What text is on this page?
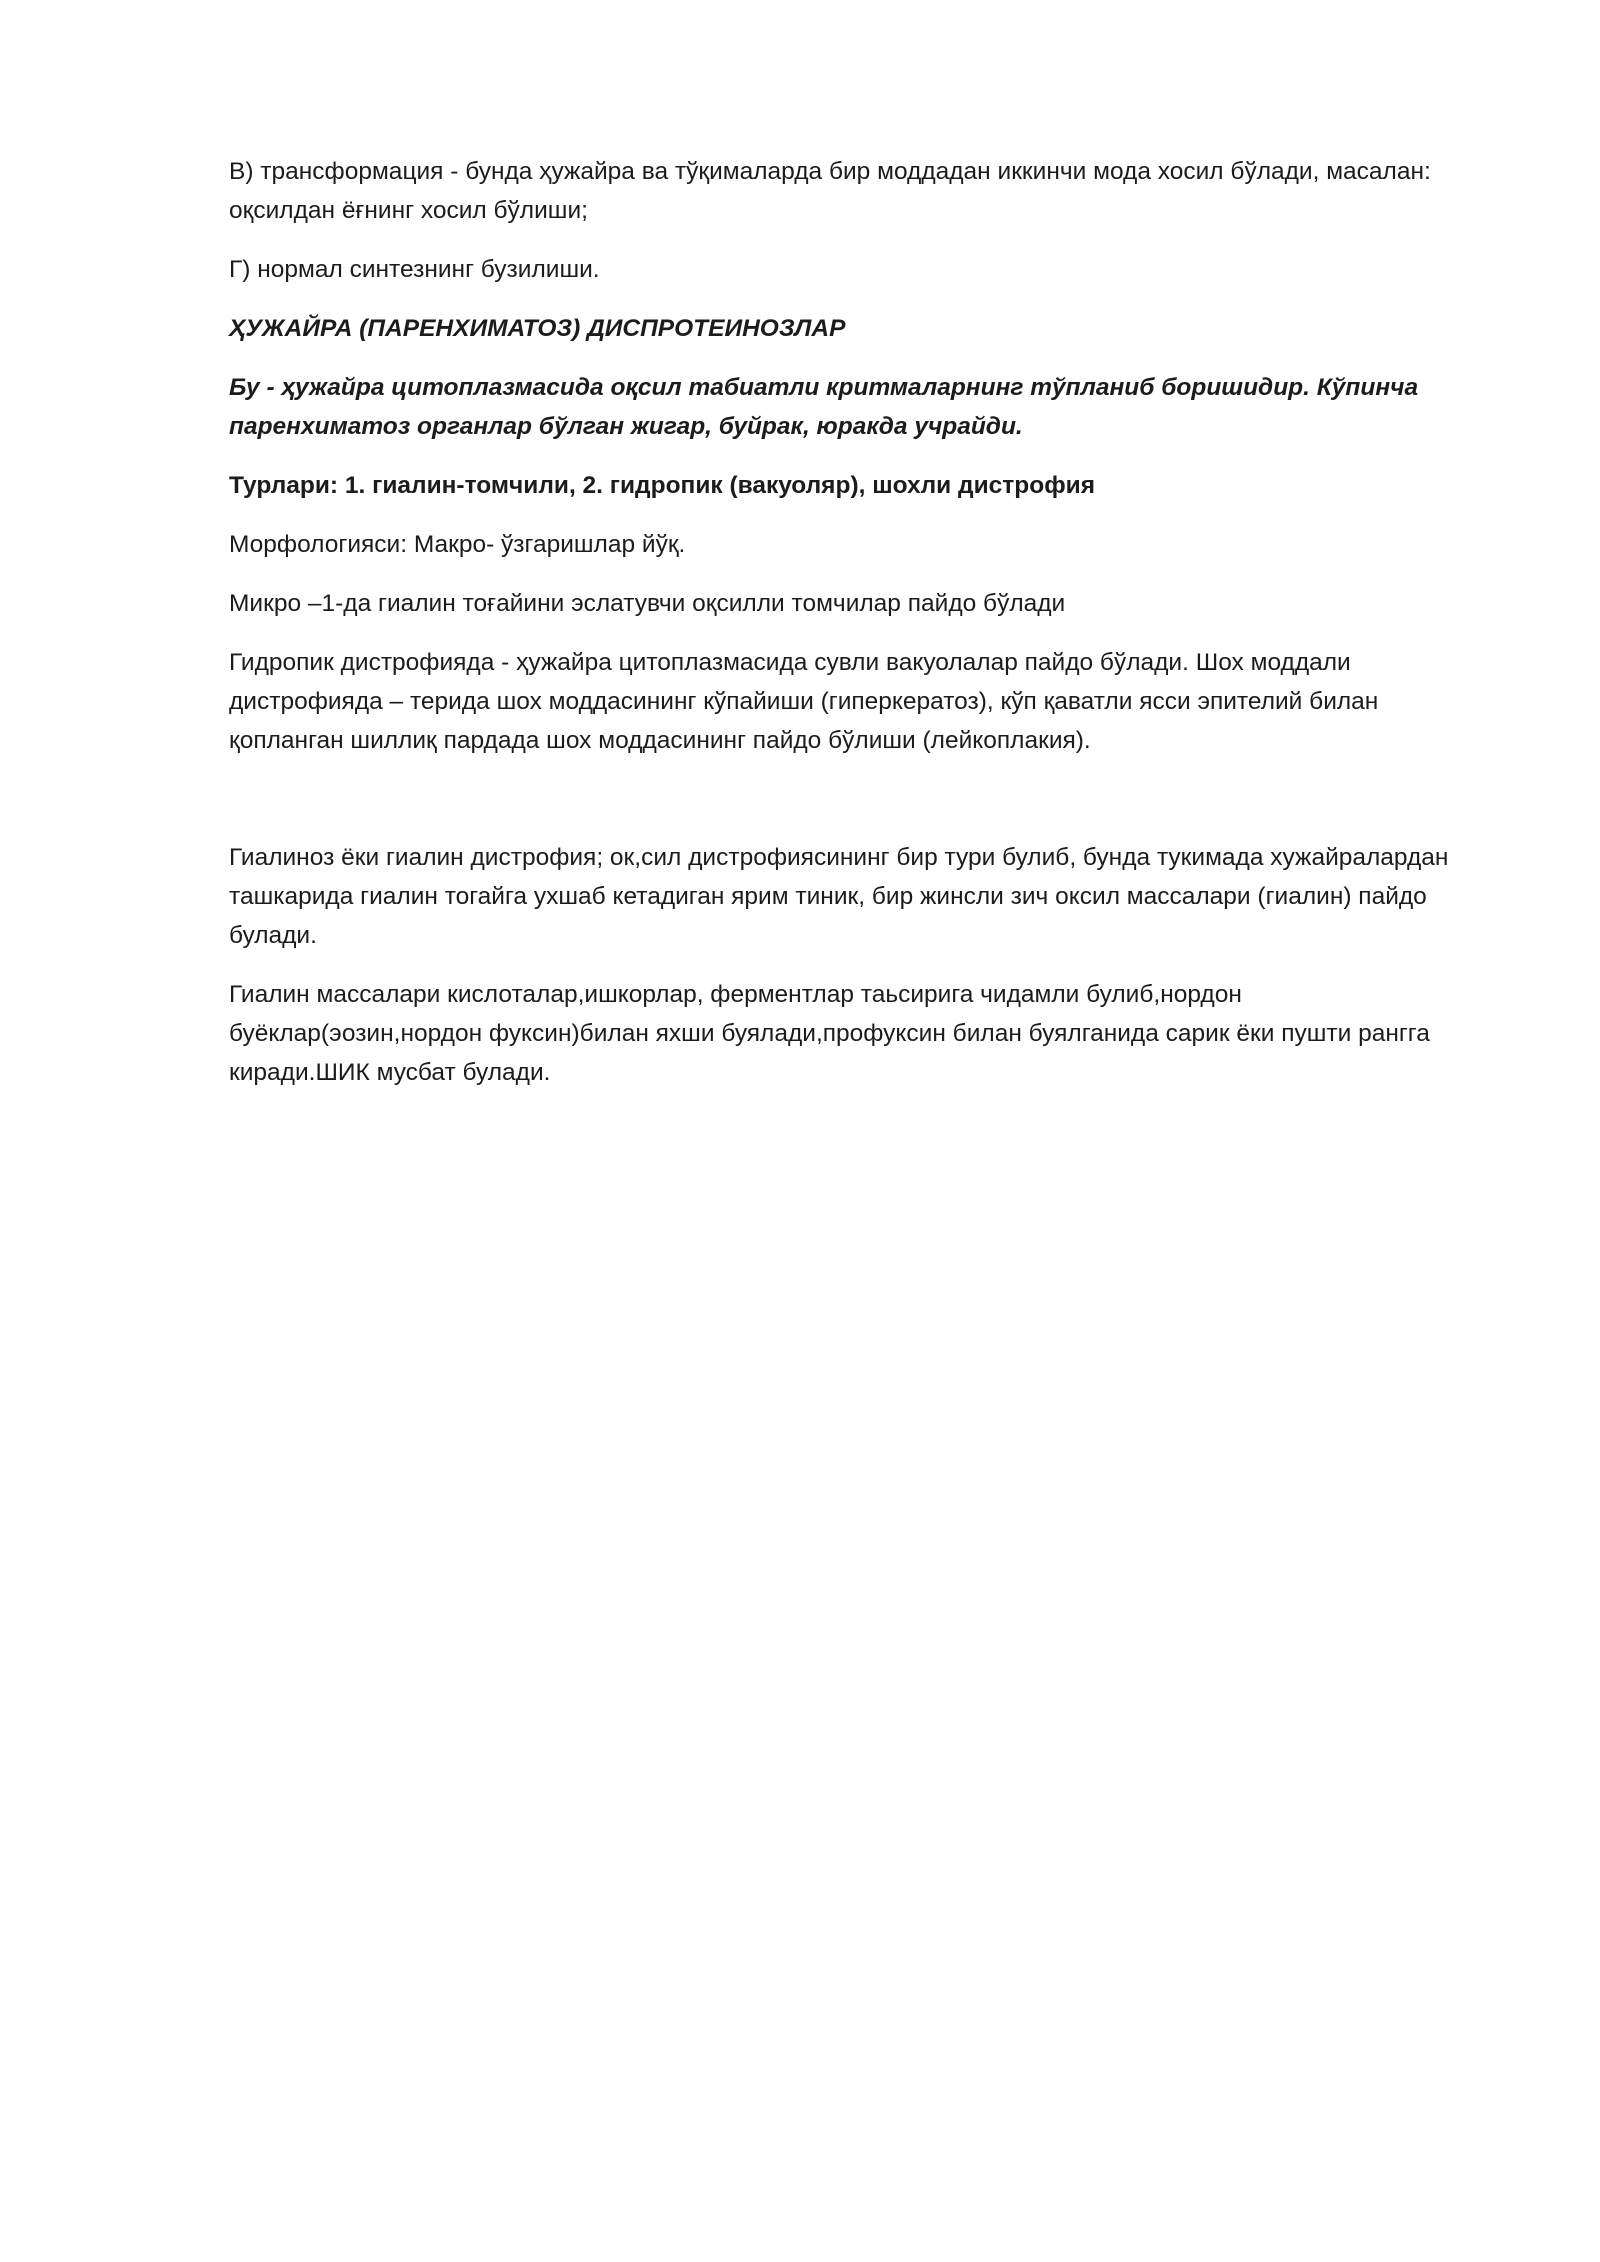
В) трансформация - бунда ҳужайра ва тўқималарда бир моддадан иккинчи мода хосил бўлади, масалан: оқсилдан ёғнинг хосил бўлиши;

Г) нормал синтезнинг бузилиши.

ҲУЖАЙРА (ПАРЕНХИМАТОЗ) ДИСПРОТЕИНОЗЛАР

Бу - ҳужайра цитоплазмасида оқсил табиатли критмаларнинг тўпланиб боришидир. Кўпинча паренхиматоз органлар бўлган жигар, буйрак, юракда учрайди.

Турлари: 1. гиалин-томчили, 2. гидропик (вакуоляр), шохли дистрофия

Морфологияси: Макро- ўзгаришлар йўқ.

Микро –1-да гиалин тоғайини эслатувчи оқсилли томчилар пайдо бўлади

Гидропик дистрофияда - ҳужайра цитоплазмасида сувли вакуолалар пайдо бўлади. Шох моддали дистрофияда – терида шох моддасининг кўпайиши (гиперкератоз), кўп қаватли ясси эпителий билан қопланган шиллиқ пардада шох моддасининг пайдо бўлиши (лейкоплакия).

Гиалиноз ёки гиалин дистрофия; ок,сил дистрофиясининг бир тури булиб, бунда тукимада хужайралардан ташкарида гиалин тогайга ухшаб кетадиган ярим тиник, бир жинсли зич оксил массалари (гиалин) пайдо булади.

Гиалин массалари кислоталар,ишкорлар, ферментлар таьсирига чидамли булиб,нордон буёклар(эозин,нордон фуксин)билан яхши буялади,профуксин билан буялганида сарик ёки пушти рангга киради.ШИК мусбат булади.
